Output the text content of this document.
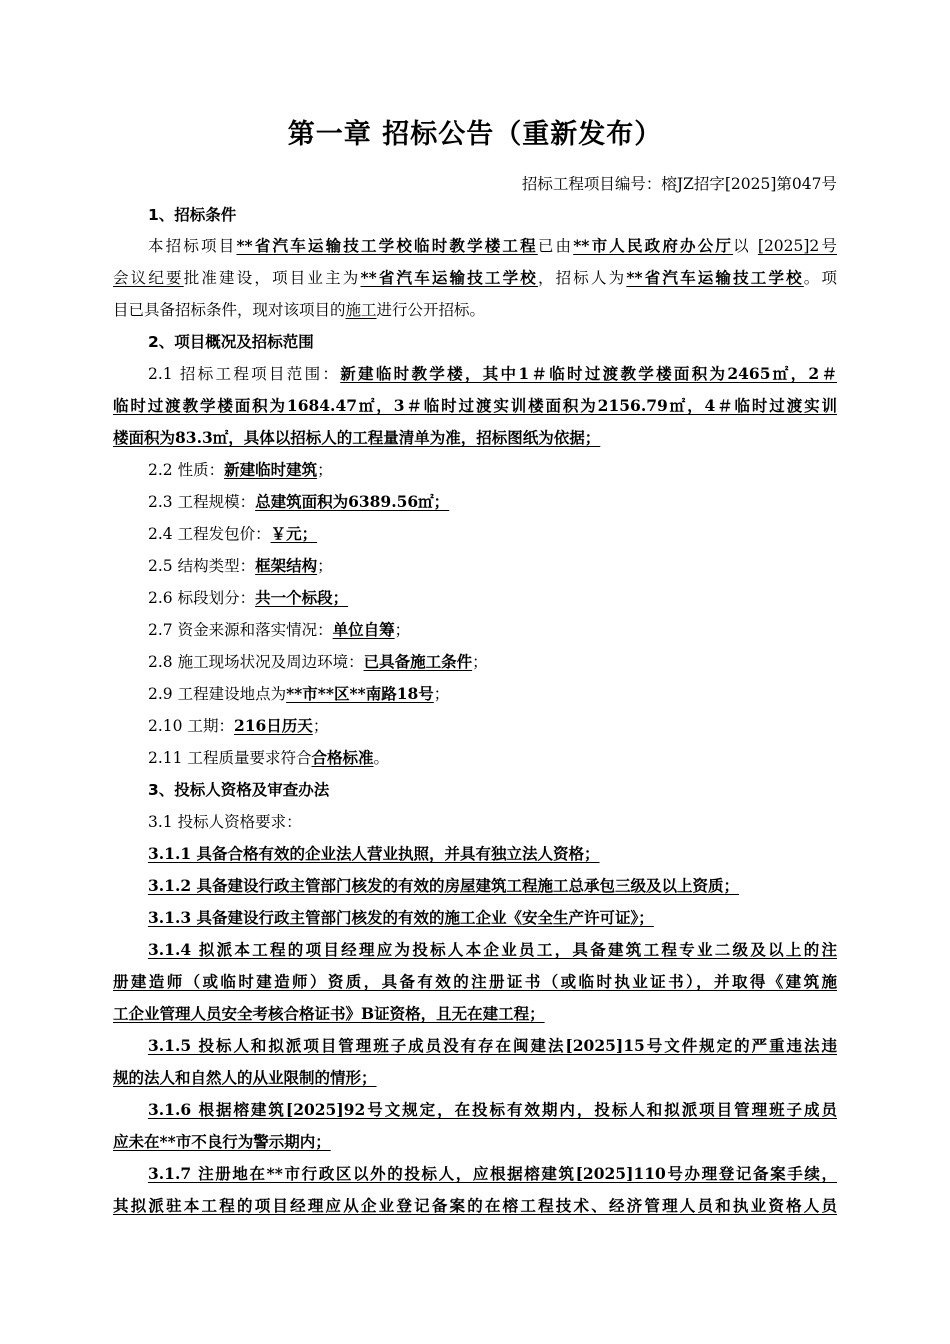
第一章 招标公告（重新发布）
招标工程项目编号：榕JZ招字[2025]第047号
1、招标条件
本招标项目**省汽车运输技工学校临时教学楼工程已由**市人民政府办公厅以 [2025]2号
会议纪要批准建设，项目业主为**省汽车运输技工学校，招标人为**省汽车运输技工学校。项
目已具备招标条件，现对该项目的施工进行公开招标。
2、项目概况及招标范围
2.1 招标工程项目范围：新建临时教学楼，其中1＃临时过渡教学楼面积为2465㎡，2＃
临时过渡教学楼面积为1684.47㎡，3＃临时过渡实训楼面积为2156.79㎡，4＃临时过渡实训
楼面积为83.3㎡，具体以招标人的工程量清单为准，招标图纸为依据；
2.2 性质：新建临时建筑；
2.3 工程规模：总建筑面积为6389.56㎡；
2.4 工程发包价：￥元；
2.5 结构类型：框架结构；
2.6 标段划分：共一个标段；
2.7 资金来源和落实情况：单位自筹；
2.8 施工现场状况及周边环境：已具备施工条件；
2.9 工程建设地点为**市**区**南路18号；
2.10 工期：216日历天；
2.11 工程质量要求符合合格标准。
3、投标人资格及审查办法
3.1 投标人资格要求：
3.1.1 具备合格有效的企业法人营业执照，并具有独立法人资格；
3.1.2 具备建设行政主管部门核发的有效的房屋建筑工程施工总承包三级及以上资质；
3.1.3 具备建设行政主管部门核发的有效的施工企业《安全生产许可证》；
3.1.4 拟派本工程的项目经理应为投标人本企业员工，具备建筑工程专业二级及以上的注
册建造师（或临时建造师）资质，具备有效的注册证书（或临时执业证书），并取得《建筑施
工企业管理人员安全考核合格证书》B证资格，且无在建工程；
3.1.5 投标人和拟派项目管理班子成员没有存在闽建法[2025]15号文件规定的严重违法违
规的法人和自然人的从业限制的情形；
3.1.6 根据榕建筑[2025]92号文规定，在投标有效期内，投标人和拟派项目管理班子成员
应未在**市不良行为警示期内；
3.1.7 注册地在**市行政区以外的投标人，应根据榕建筑[2025]110号办理登记备案手续，
其拟派驻本工程的项目经理应从企业登记备案的在榕工程技术、经济管理人员和执业资格人员
